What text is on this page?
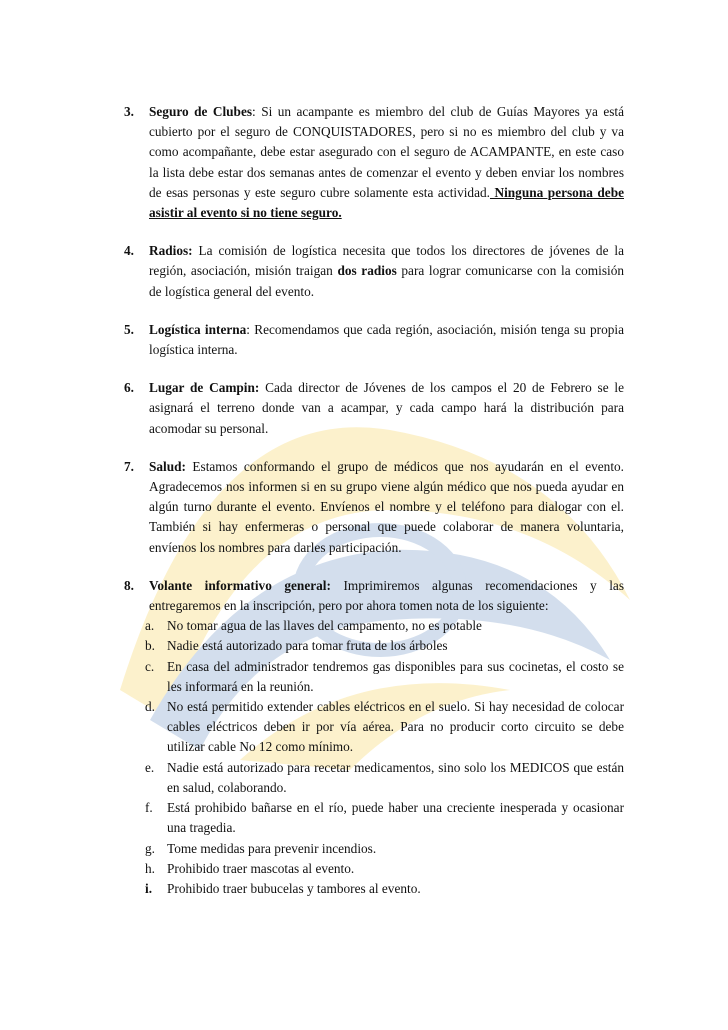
3. Seguro de Clubes: Si un acampante es miembro del club de Guías Mayores ya está cubierto por el seguro de CONQUISTADORES, pero si no es miembro del club y va como acompañante, debe estar asegurado con el seguro de ACAMPANTE, en este caso la lista debe estar dos semanas antes de comenzar el evento y deben enviar los nombres de esas personas y este seguro cubre solamente esta actividad. Ninguna persona debe asistir al evento si no tiene seguro.
4. Radios: La comisión de logística necesita que todos los directores de jóvenes de la región, asociación, misión traigan dos radios para lograr comunicarse con la comisión de logística general del evento.
5. Logística interna: Recomendamos que cada región, asociación, misión tenga su propia logística interna.
6. Lugar de Campin: Cada director de Jóvenes de los campos el 20 de Febrero se le asignará el terreno donde van a acampar, y cada campo hará la distribución para acomodar su personal.
7. Salud: Estamos conformando el grupo de médicos que nos ayudarán en el evento. Agradecemos nos informen si en su grupo viene algún médico que nos pueda ayudar en algún turno durante el evento. Envíenos el nombre y el teléfono para dialogar con el. También si hay enfermeras o personal que puede colaborar de manera voluntaria, envíenos los nombres para darles participación.
8. Volante informativo general: Imprimiremos algunas recomendaciones y las entregaremos en la inscripción, pero por ahora tomen nota de los siguiente:
a. No tomar agua de las llaves del campamento, no es potable
b. Nadie está autorizado para tomar fruta de los árboles
c. En casa del administrador tendremos gas disponibles para sus cocinetas, el costo se les informará en la reunión.
d. No está permitido extender cables eléctricos en el suelo. Si hay necesidad de colocar cables eléctricos deben ir por vía aérea. Para no producir corto circuito se debe utilizar cable No 12 como mínimo.
e. Nadie está autorizado para recetar medicamentos, sino solo los MEDICOS que están en salud, colaborando.
f. Está prohibido bañarse en el río, puede haber una creciente inesperada y ocasionar una tragedia.
g. Tome medidas para prevenir incendios.
h. Prohibido traer mascotas al evento.
i. Prohibido traer bubucelas y tambores al evento.
